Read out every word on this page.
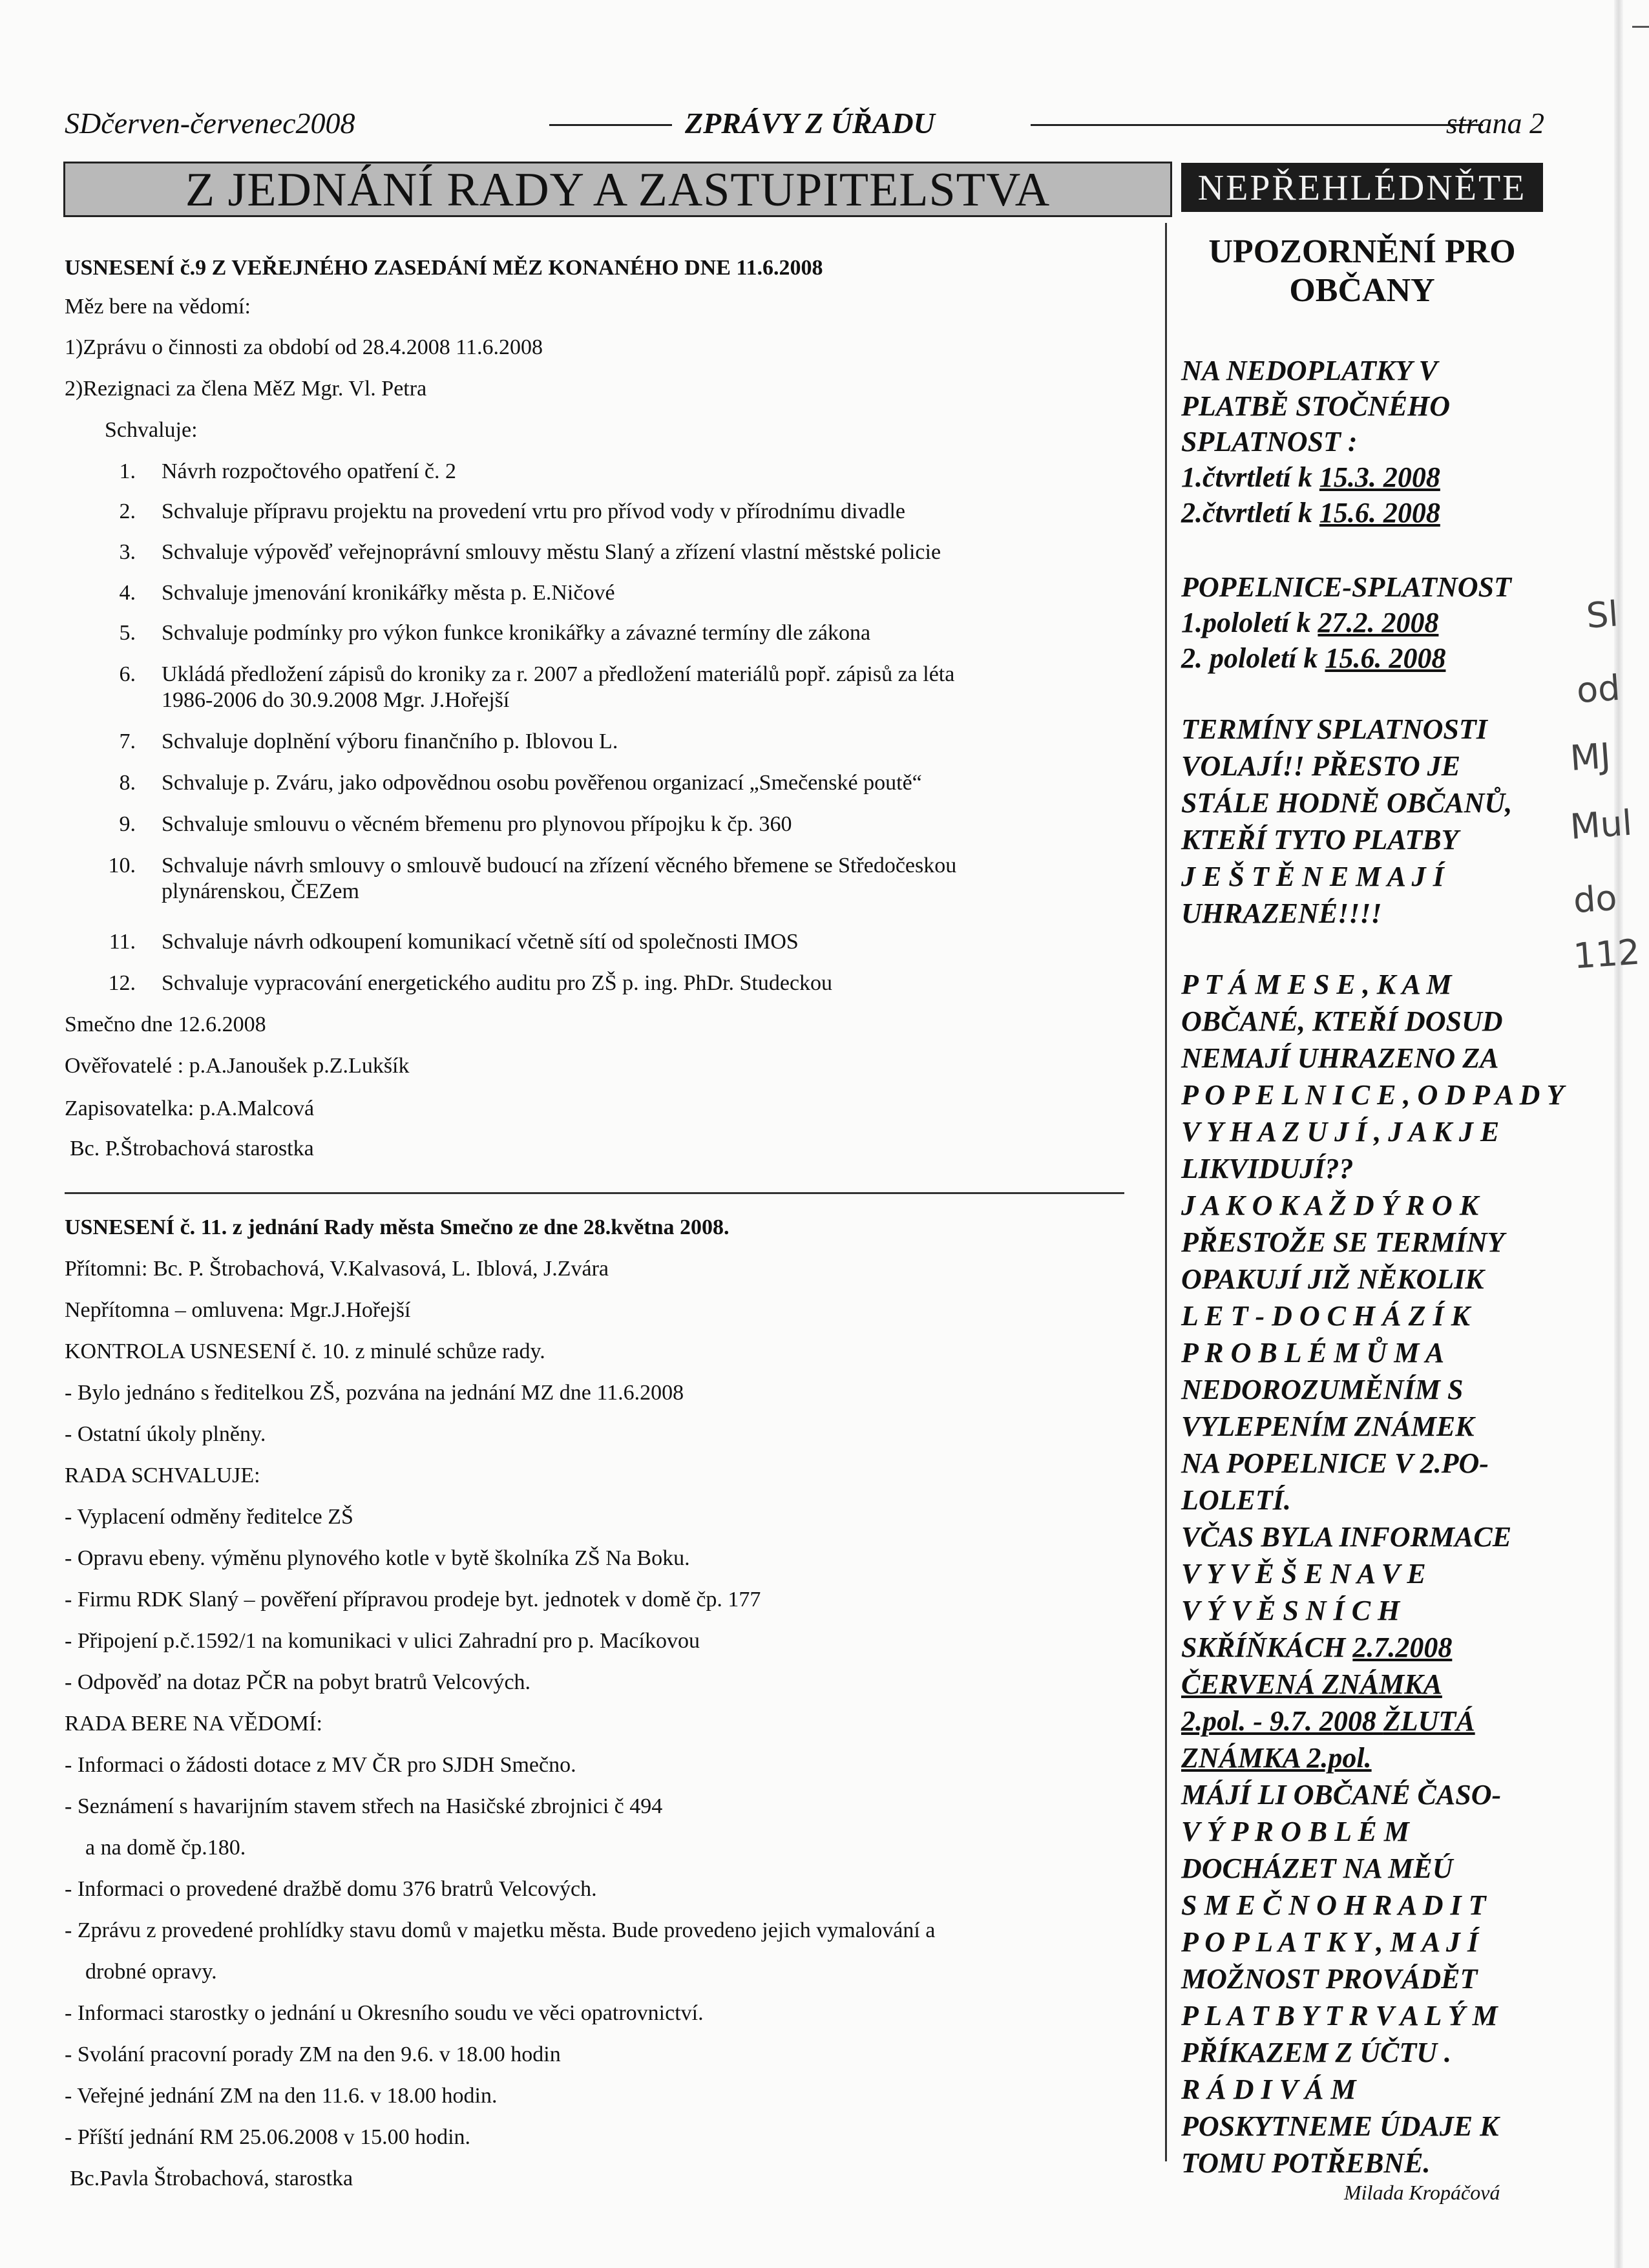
SDčerven-červenec2008	ZPRÁVY Z ÚŘADU	strana 2
Z JEDNÁNÍ RADY A ZASTUPITELSTVA	NEPŘEHLÉDNĚTE
USNESENÍ č.9 Z VEŘEJNÉHO ZASEDÁNÍ MĚZ KONANÉHO DNE 11.6.2008
Měz bere na vědomí:
1)Zprávu o činnosti za období od 28.4.2008 11.6.2008
2)Rezignaci za člena MěZ Mgr. Vl. Petra
Schvaluje:
1. Návrh rozpočtového opatření č. 2
2. Schvaluje přípravu projektu na provedení vrtu pro přívod vody v přírodnímu divadle
3. Schvaluje výpověď veřejnoprávní smlouvy městu Slaný a zřízení vlastní městské policie
4. Schvaluje jmenování kronikářky města p. E.Ničové
5. Schvaluje podmínky pro výkon funkce kronikářky a závazné termíny dle zákona
6. Ukládá předložení zápisů do kroniky za r. 2007 a předložení materiálů popř. zápisů za léta
1986-2006 do 30.9.2008 Mgr. J.Hořejší
7. Schvaluje doplnění výboru finančního p. Iblovou L.
8. Schvaluje p. Zváru, jako odpovědnou osobu pověřenou organizací „Smečenské poutě“
9. Schvaluje smlouvu o věcném břemenu pro plynovou přípojku k čp. 360
10. Schvaluje návrh smlouvy o smlouvě budoucí na zřízení věcného břemene se Středočeskou
plynárenskou, ČEZem
11. Schvaluje návrh odkoupení komunikací včetně sítí od společnosti IMOS
12. Schvaluje vypracování energetického auditu pro ZŠ p. ing. PhDr. Studeckou
Smečno dne 12.6.2008
Ověřovatelé : p.A.Janoušek p.Z.Lukšík
Zapisovatelka: p.A.Malcová
Bc. P.Štrobachová starostka
USNESENÍ č. 11. z jednání Rady města Smečno ze dne 28.května 2008.
Přítomni: Bc. P. Štrobachová, V.Kalvasová, L. Iblová, J.Zvára
Nepřítomna – omluvena: Mgr.J.Hořejší
KONTROLA USNESENÍ č. 10. z minulé schůze rady.
- Bylo jednáno s ředitelkou ZŠ, pozvána na jednání MZ dne 11.6.2008
- Ostatní úkoly plněny.
RADA SCHVALUJE:
- Vyplacení odměny ředitelce ZŠ
- Opravu ebeny. výměnu plynového kotle v bytě školníka ZŠ Na Boku.
- Firmu RDK Slaný – pověření přípravou prodeje byt. jednotek v domě čp. 177
- Připojení p.č.1592/1 na komunikaci v ulici Zahradní pro p. Macíkovou
- Odpověď na dotaz PČR na pobyt bratrů Velcových.
RADA BERE NA VĚDOMÍ:
- Informaci o žádosti dotace z MV ČR pro SJDH Smečno.
- Seznámení s havarijním stavem střech na Hasičské zbrojnici č 494
a na domě čp.180.
- Informaci o provedené dražbě domu 376 bratrů Velcových.
- Zprávu z provedené prohlídky stavu domů v majetku města. Bude provedeno jejich vymalování a
drobné opravy.
- Informaci starostky o jednání u Okresního soudu ve věci opatrovnictví.
- Svolání pracovní porady ZM na den 9.6. v 18.00 hodin
- Veřejné jednání ZM na den 11.6. v 18.00 hodin.
- Příští jednání RM 25.06.2008 v 15.00 hodin.
Bc.Pavla Štrobachová, starostka
UPOZORNĚNÍ PRO
OBČANY
NA NEDOPLATKY V
PLATBĚ STOČNÉHO
SPLATNOST :
1.čtvrtletí k 15.3. 2008
2.čtvrtletí k 15.6. 2008
POPELNICE-SPLATNOST
1.pololetí k 27.2. 2008
2. pololetí k 15.6. 2008
TERMÍNY SPLATNOSTI
VOLAJÍ!! PŘESTO JE
STÁLE HODNĚ OBČANŮ,
KTEŘÍ TYTO PLATBY
J E Š T Ě N E M A J Í
UHRAZENÉ!!!!
P T Á M E S E , K A M
OBČANÉ, KTEŘÍ DOSUD
NEMAJÍ UHRAZENO ZA
P O P E L N I C E , O D P A D Y
V Y H A Z U J Í , J A K J E
LIKVIDUJÍ??
J A K O K A Ž D Ý R O K
PŘESTOŽE SE TERMÍNY
OPAKUJÍ JIŽ NĚKOLIK
L E T - D O C H Á Z Í K
P R O B L É M Ů M A
NEDOROZUMĚNÍM S
VYLEPENÍM ZNÁMEK
NA POPELNICE V 2.PO-
LOLETÍ.
VČAS BYLA INFORMACE
V Y V Ě Š E N A V E
V Ý V Ě S N Í C H
SKŘÍŇKÁCH 2.7.2008
ČERVENÁ ZNÁMKA
2.pol. - 9.7. 2008 ŽLUTÁ
ZNÁMKA 2.pol.
MÁJÍ LI OBČANÉ ČASO-
V Ý P R O B L É M
DOCHÁZET NA MĚÚ
S M E Č N O H R A D I T
P O P L A T K Y , M A J Í
MOŽNOST PROVÁDĚT
P L A T B Y T R V A L Ý M
PŘÍKAZEM Z ÚČTU .
R Á D I V Á M
POSKYTNEME ÚDAJE K
TOMU POTŘEBNÉ.
Milada Kropáčová
Sl
od
MJ
Mul
do
112
